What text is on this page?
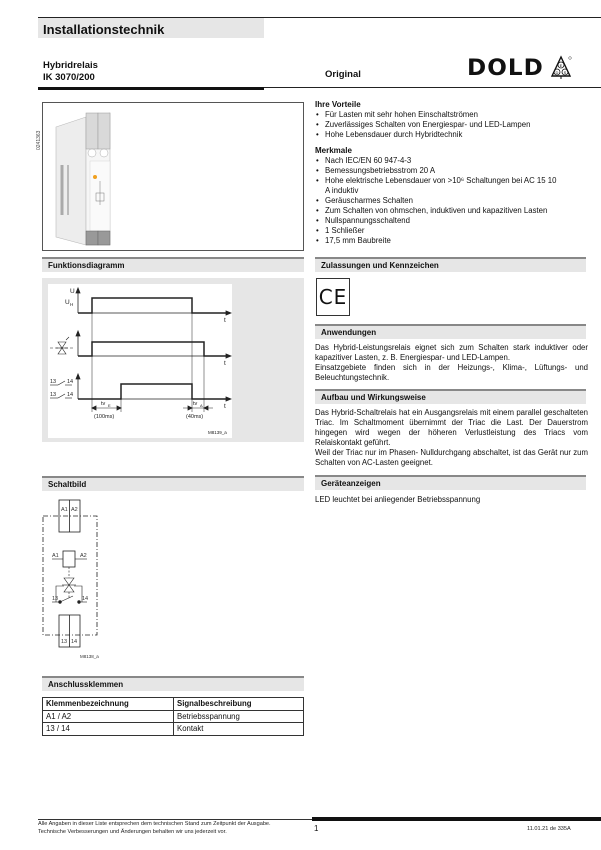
Installationstechnik
Hybridrelais
IK 3070/200	Original	DOLD	E
D S
0241363
Ihre Vorteile
• Für Lasten mit sehr hohen Einschaltströmen
• Zuverlässiges Schalten von Energiespar- und LED-Lampen
• Hohe Lebensdauer durch Hybridtechnik
Merkmale
• Nach IEC/EN 60 947-4-3
• Bemessungsbetriebsstrom 20 A
• Hohe elektrische Lebensdauer von >10⁶ Schaltungen bei AC 15 10 A induktiv
• Geräuscharmes Schalten
• Zum Schalten von ohmschen, induktiven und kapazitiven Lasten
• Nullspannungsschaltend
• 1 Schließer
• 17,5 mm Baubreite
Funktionsdiagramm
U
U H
t
t
t
13 14
13 14
tv E	tv A
(100ms)	(40ms)
M8139_a
Zulassungen und Kennzeichen
CE
Anwendungen
Das Hybrid-Leistungsrelais eignet sich zum Schalten stark induktiver oder kapazitiver Lasten, z. B. Energiespar- und LED-Lampen.
Einsatzgebiete finden sich in der Heizungs-, Klima-, Lüftungs- und Beleuchtungstechnik.
Aufbau und Wirkungsweise
Das Hybrid-Schaltrelais hat ein Ausgangsrelais mit einem parallel geschalteten Triac. Im Schaltmoment übernimmt der Triac die Last. Der Dauerstrom hingegen wird wegen der höheren Verlustleistung des Triacs vom Relaiskontakt geführt.
Weil der Triac nur im Phasen- Nulldurchgang abschaltet, ist das Gerät nur zum Schalten von AC-Lasten geeignet.
Geräteanzeigen
LED leuchtet bei anliegender Betriebsspannung
Schaltbild
A1 A2
A1	A2
13	14
13 14
M8138_a
Anschlussklemmen
Klemmenbezeichnung	Signalbeschreibung
A1 / A2	Betriebsspannung
13 / 14	Kontakt
Alle Angaben in dieser Liste entsprechen dem technischen Stand zum Zeitpunkt der Ausgabe.
Technische Verbesserungen und Änderungen behalten wir uns jederzeit vor.	1	11.01.21 de 335A
